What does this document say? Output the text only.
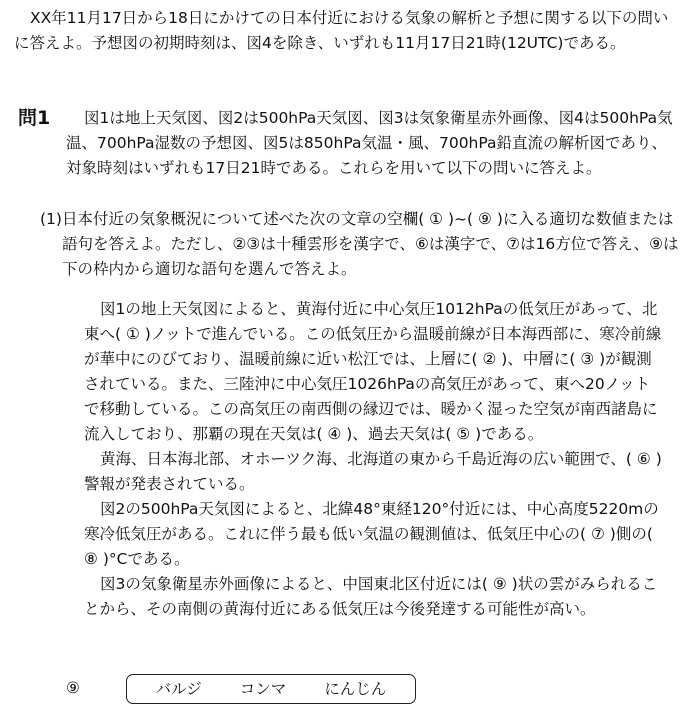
XX年11月17日から18日にかけての日本付近における気象の解析と予想に関する以下の問いに答えよ。予想図の初期時刻は、図4を除き、いずれも11月17日21時(12UTC)である。

問1	図1は地上天気図、図2は500hPa天気図、図3は気象衛星赤外画像、図4は500hPa気温、700hPa湿数の予想図、図5は850hPa気温・風、700hPa鉛直流の解析図であり、対象時刻はいずれも17日21時である。これらを用いて以下の問いに答えよ。

(1) 日本付近の気象概況について述べた次の文章の空欄( ① )~( ⑨ )に入る適切な数値または語句を答えよ。ただし、②③は十種雲形を漢字で、⑥は漢字で、⑦は16方位で答え、⑨は下の枠内から適切な語句を選んで答えよ。

図1の地上天気図によると、黄海付近に中心気圧1012hPaの低気圧があって、北東へ( ① )ノットで進んでいる。この低気圧から温暖前線が日本海西部に、寒冷前線が華中にのびており、温暖前線に近い松江では、上層に( ② )、中層に( ③ )が観測されている。また、三陸沖に中心気圧1026hPaの高気圧があって、東へ20ノットで移動している。この高気圧の南西側の縁辺では、暖かく湿った空気が南西諸島に流入しており、那覇の現在天気は( ④ )、過去天気は( ⑤ )である。

黄海、日本海北部、オホーツク海、北海道の東から千島近海の広い範囲で、( ⑥ )警報が発表されている。

図2の500hPa天気図によると、北緯48°東経120°付近には、中心高度5220mの寒冷低気圧がある。これに伴う最も低い気温の観測値は、低気圧中心の( ⑦ )側の( ⑧ )°Cである。

図3の気象衛星赤外画像によると、中国東北区付近には( ⑨ )状の雲がみられることから、その南側の黄海付近にある低気圧は今後発達する可能性が高い。

⑨	バルジ コンマ にんじん
